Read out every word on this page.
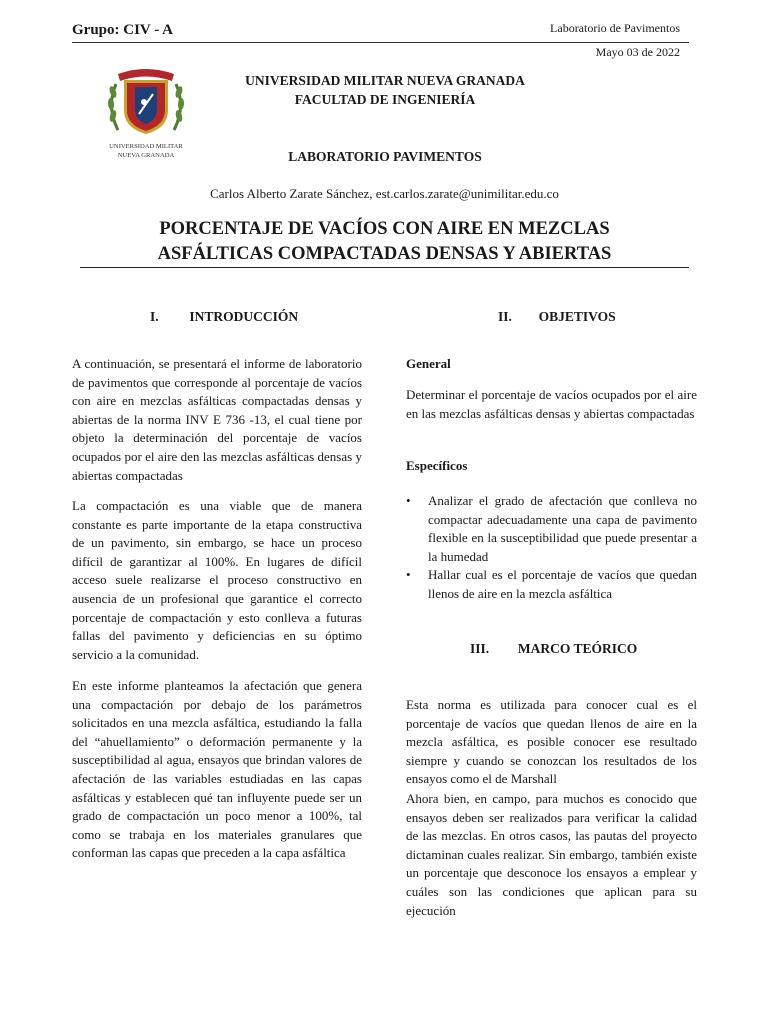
Grupo: CIV - A	Laboratorio de Pavimentos
Mayo 03 de 2022
UNIVERSIDAD MILITAR
NUEVA GRANADA
UNIVERSIDAD MILITAR NUEVA GRANADA
FACULTAD DE INGENIERÍA
LABORATORIO PAVIMENTOS
Carlos Alberto Zarate Sánchez, est.carlos.zarate@unimilitar.edu.co
PORCENTAJE DE VACÍOS CON AIRE EN MEZCLAS
ASFÁLTICAS COMPACTADAS DENSAS Y ABIERTAS
I. INTRODUCCIÓN

A continuación, se presentará el informe de laboratorio de pavimentos que corresponde al porcentaje de vacíos con aire en mezclas asfálticas compactadas densas y abiertas de la norma INV E 736 -13, el cual tiene por objeto la determinación del porcentaje de vacíos ocupados por el aire den las mezclas asfálticas densas y abiertas compactadas

La compactación es una viable que de manera constante es parte importante de la etapa constructiva de un pavimento, sin embargo, se hace un proceso difícil de garantizar al 100%. En lugares de difícil acceso suele realizarse el proceso constructivo en ausencia de un profesional que garantice el correcto porcentaje de compactación y esto conlleva a futuras fallas del pavimento y deficiencias en su óptimo servicio a la comunidad.

En este informe planteamos la afectación que genera una compactación por debajo de los parámetros solicitados en una mezcla asfáltica, estudiando la falla del “ahuellamiento” o deformación permanente y la susceptibilidad al agua, ensayos que brindan valores de afectación de las variables estudiadas en las capas asfálticas y establecen qué tan influyente puede ser un grado de compactación un poco menor a 100%, tal como se trabaja en los materiales granulares que conforman las capas que preceden a la capa asfáltica

II. OBJETIVOS
General

Determinar el porcentaje de vacíos ocupados por el aire en las mezclas asfálticas densas y abiertas compactadas

Específicos
• Analizar el grado de afectación que conlleva no compactar adecuadamente una capa de pavimento flexible en la susceptibilidad que puede presentar a la humedad
• Hallar cual es el porcentaje de vacíos que quedan llenos de aire en la mezcla asfáltica
III. MARCO TEÓRICO

Esta norma es utilizada para conocer cual es el porcentaje de vacíos que quedan llenos de aire en la mezcla asfáltica, es posible conocer ese resultado siempre y cuando se conozcan los resultados de los ensayos como el de Marshall

Ahora bien, en campo, para muchos es conocido que ensayos deben ser realizados para verificar la calidad de las mezclas. En otros casos, las pautas del proyecto dictaminan cuales realizar. Sin embargo, también existe un porcentaje que desconoce los ensayos a emplear y cuáles son las condiciones que aplican para su ejecución
